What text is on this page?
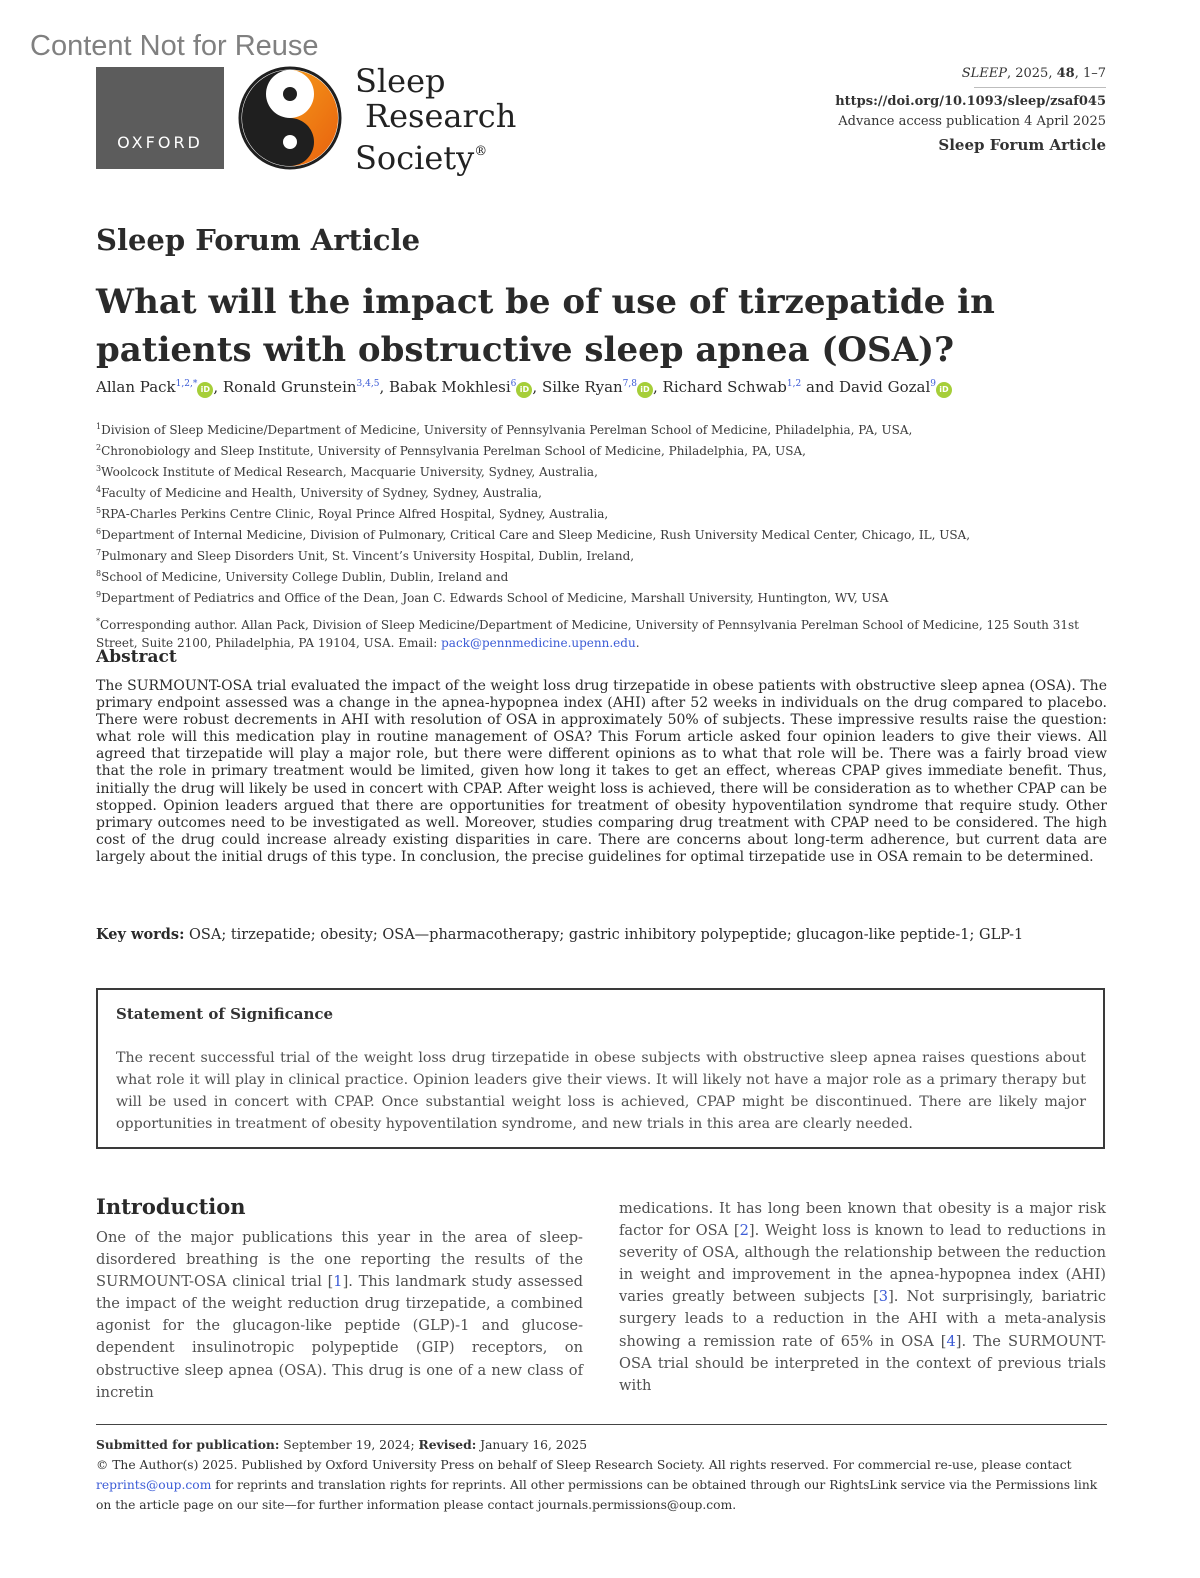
Content Not for Reuse
OXFORD
Sleep
Research
Society®
SLEEP, 2025, 48, 1–7
https://doi.org/10.1093/sleep/zsaf045
Advance access publication 4 April 2025
Sleep Forum Article
Sleep Forum Article
What will the impact be of use of tirzepatide in patients with obstructive sleep apnea (OSA)?
Allan Pack$^{1,2,*}$iD , Ronald Grunstein$^{3,4,5}$, Babak Mokhlesi$^6$iD , Silke Ryan$^{7,8}$iD , Richard Schwab$^{1,2}$ and David Gozal$^9$iD
$^1$Division of Sleep Medicine/Department of Medicine, University of Pennsylvania Perelman School of Medicine, Philadelphia, PA, USA,
$^2$Chronobiology and Sleep Institute, University of Pennsylvania Perelman School of Medicine, Philadelphia, PA, USA,
$^3$Woolcock Institute of Medical Research, Macquarie University, Sydney, Australia,
$^4$Faculty of Medicine and Health, University of Sydney, Sydney, Australia,
$^5$RPA-Charles Perkins Centre Clinic, Royal Prince Alfred Hospital, Sydney, Australia,
$^6$Department of Internal Medicine, Division of Pulmonary, Critical Care and Sleep Medicine, Rush University Medical Center, Chicago, IL, USA,
$^7$Pulmonary and Sleep Disorders Unit, St. Vincent’s University Hospital, Dublin, Ireland,
$^8$School of Medicine, University College Dublin, Dublin, Ireland and
$^9$Department of Pediatrics and Office of the Dean, Joan C. Edwards School of Medicine, Marshall University, Huntington, WV, USA
*Corresponding author. Allan Pack, Division of Sleep Medicine/Department of Medicine, University of Pennsylvania Perelman School of Medicine, 125 South 31st Street, Suite 2100, Philadelphia, PA 19104, USA. Email: pack@pennmedicine.upenn.edu.
Abstract
The SURMOUNT-OSA trial evaluated the impact of the weight loss drug tirzepatide in obese patients with obstructive sleep apnea (OSA). The primary endpoint assessed was a change in the apnea-hypopnea index (AHI) after 52 weeks in individuals on the drug compared to placebo. There were robust decrements in AHI with resolution of OSA in approximately 50% of subjects. These impressive results raise the question: what role will this medication play in routine management of OSA? This Forum article asked four opinion leaders to give their views. All agreed that tirzepatide will play a major role, but there were different opinions as to what that role will be. There was a fairly broad view that the role in primary treatment would be limited, given how long it takes to get an effect, whereas CPAP gives immediate benefit. Thus, initially the drug will likely be used in concert with CPAP. After weight loss is achieved, there will be consideration as to whether CPAP can be stopped. Opinion leaders argued that there are opportunities for treatment of obesity hypoventilation syndrome that require study. Other primary outcomes need to be investigated as well. Moreover, studies comparing drug treatment with CPAP need to be considered. The high cost of the drug could increase already existing disparities in care. There are concerns about long-term adherence, but current data are largely about the initial drugs of this type. In conclusion, the precise guidelines for optimal tirzepatide use in OSA remain to be determined.
Key words: OSA; tirzepatide; obesity; OSA—pharmacotherapy; gastric inhibitory polypeptide; glucagon-like peptide-1; GLP-1
Statement of Significance
The recent successful trial of the weight loss drug tirzepatide in obese subjects with obstructive sleep apnea raises questions about what role it will play in clinical practice. Opinion leaders give their views. It will likely not have a major role as a primary therapy but will be used in concert with CPAP. Once substantial weight loss is achieved, CPAP might be discontinued. There are likely major opportunities in treatment of obesity hypoventilation syndrome, and new trials in this area are clearly needed.
Introduction
One of the major publications this year in the area of sleep-disordered breathing is the one reporting the results of the SURMOUNT-OSA clinical trial [1]. This landmark study assessed the impact of the weight reduction drug tirzepatide, a combined agonist for the glucagon-like peptide (GLP)-1 and glucose-dependent insulinotropic polypeptide (GIP) receptors, on obstructive sleep apnea (OSA). This drug is one of a new class of incretin
medications. It has long been known that obesity is a major risk factor for OSA [2]. Weight loss is known to lead to reductions in severity of OSA, although the relationship between the reduction in weight and improvement in the apnea-hypopnea index (AHI) varies greatly between subjects [3]. Not surprisingly, bariatric surgery leads to a reduction in the AHI with a meta-analysis showing a remission rate of 65% in OSA [4]. The SURMOUNT-OSA trial should be interpreted in the context of previous trials with
Submitted for publication: September 19, 2024; Revised: January 16, 2025
© The Author(s) 2025. Published by Oxford University Press on behalf of Sleep Research Society. All rights reserved. For commercial re-use, please contact reprints@oup.com for reprints and translation rights for reprints. All other permissions can be obtained through our RightsLink service via the Permissions link on the article page on our site—for further information please contact journals.permissions@oup.com.
